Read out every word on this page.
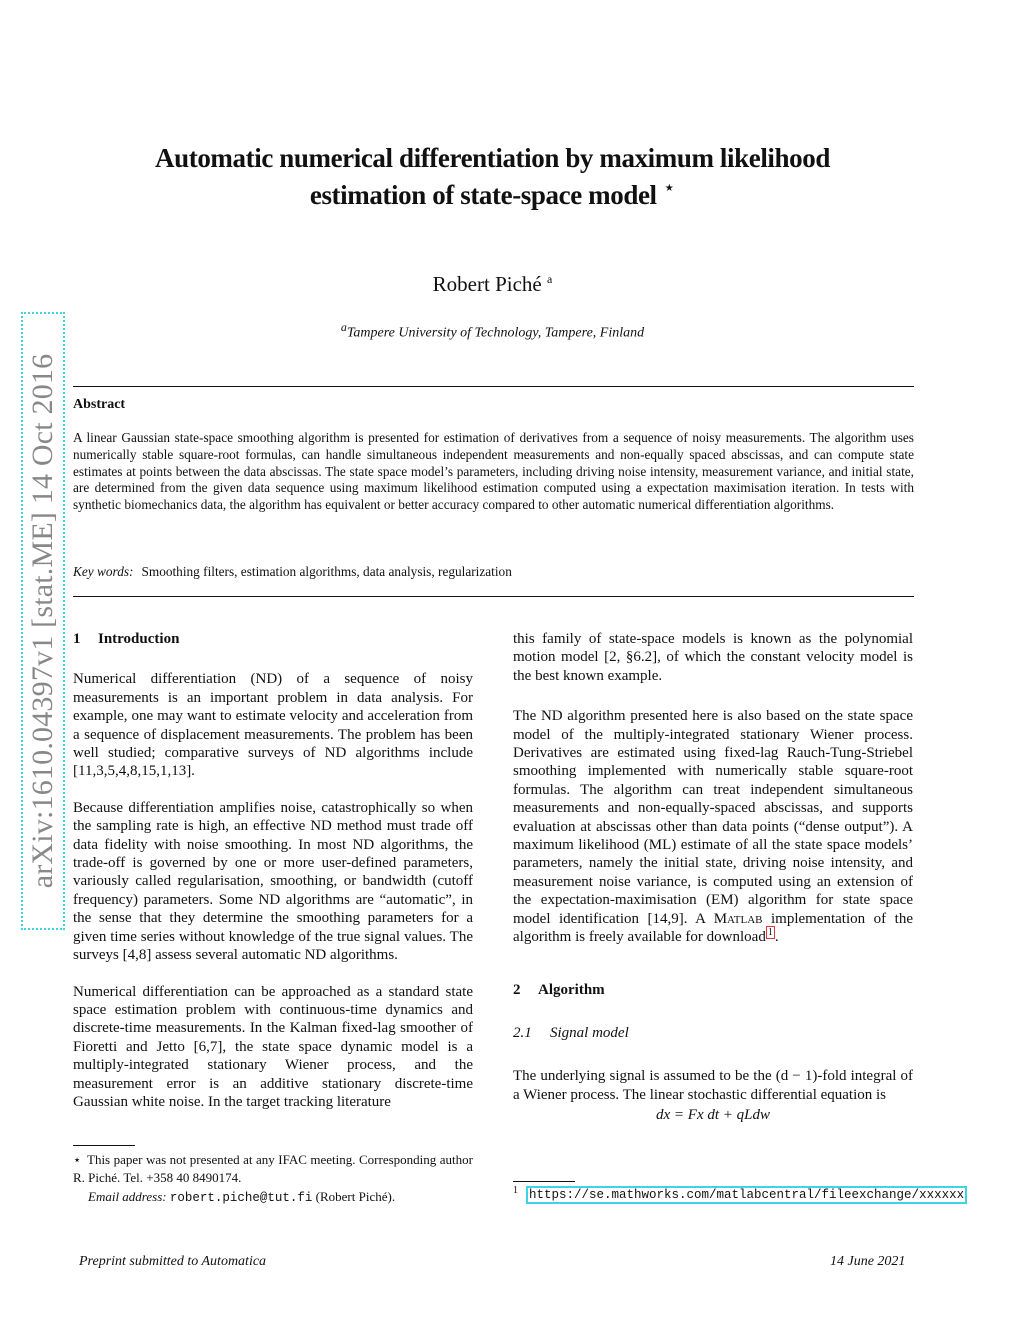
arXiv:1610.04397v1 [stat.ME] 14 Oct 2016
Automatic numerical differentiation by maximum likelihood
estimation of state-space model ⋆
Robert Piché $^a$
$^a$Tampere University of Technology, Tampere, Finland
Abstract
A linear Gaussian state-space smoothing algorithm is presented for estimation of derivatives from a sequence of noisy measurements. The algorithm uses numerically stable square-root formulas, can handle simultaneous independent measurements and non-equally spaced abscissas, and can compute state estimates at points between the data abscissas. The state space model’s parameters, including driving noise intensity, measurement variance, and initial state, are determined from the given data sequence using maximum likelihood estimation computed using a expectation maximisation iteration. In tests with synthetic biomechanics data, the algorithm has equivalent or better accuracy compared to other automatic numerical differentiation algorithms.
Key words: Smoothing filters, estimation algorithms, data analysis, regularization
1 Introduction
Numerical differentiation (ND) of a sequence of noisy measurements is an important problem in data analysis. For example, one may want to estimate velocity and acceleration from a sequence of displacement measurements. The problem has been well studied; comparative surveys of ND algorithms include [11,3,5,4,8,15,1,13].
Because differentiation amplifies noise, catastrophically so when the sampling rate is high, an effective ND method must trade off data fidelity with noise smoothing. In most ND algorithms, the trade-off is governed by one or more user-defined parameters, variously called regularisation, smoothing, or bandwidth (cutoff frequency) parameters. Some ND algorithms are “automatic”, in the sense that they determine the smoothing parameters for a given time series without knowledge of the true signal values. The surveys [4,8] assess several automatic ND algorithms.
Numerical differentiation can be approached as a standard state space estimation problem with continuous-time dynamics and discrete-time measurements. In the Kalman fixed-lag smoother of Fioretti and Jetto [6,7], the state space dynamic model is a multiply-integrated stationary Wiener process, and the measurement error is an additive stationary discrete-time Gaussian white noise. In the target tracking literature
⋆ This paper was not presented at any IFAC meeting. Corresponding author R. Piché. Tel. +358 40 8490174.
Email address: robert.piche@tut.fi (Robert Piché).
this family of state-space models is known as the polynomial motion model [2, §6.2], of which the constant velocity model is the best known example.
The ND algorithm presented here is also based on the state space model of the multiply-integrated stationary Wiener process. Derivatives are estimated using fixed-lag Rauch-Tung-Striebel smoothing implemented with numerically stable square-root formulas. The algorithm can treat independent simultaneous measurements and non-equally-spaced abscissas, and supports evaluation at abscissas other than data points (“dense output”). A maximum likelihood (ML) estimate of all the state space models’ parameters, namely the initial state, driving noise intensity, and measurement noise variance, is computed using an extension of the expectation-maximisation (EM) algorithm for state space model identification [14,9]. A Matlab implementation of the algorithm is freely available for download $^1$ .
2 Algorithm
2.1 Signal model
The underlying signal is assumed to be the (d − 1)-fold integral of a Wiener process. The linear stochastic differential equation is
dx = Fx dt + qLdw
$^1$ https://se.mathworks.com/matlabcentral/fileexchange/xxxxxx
Preprint submitted to Automatica	14 June 2021
